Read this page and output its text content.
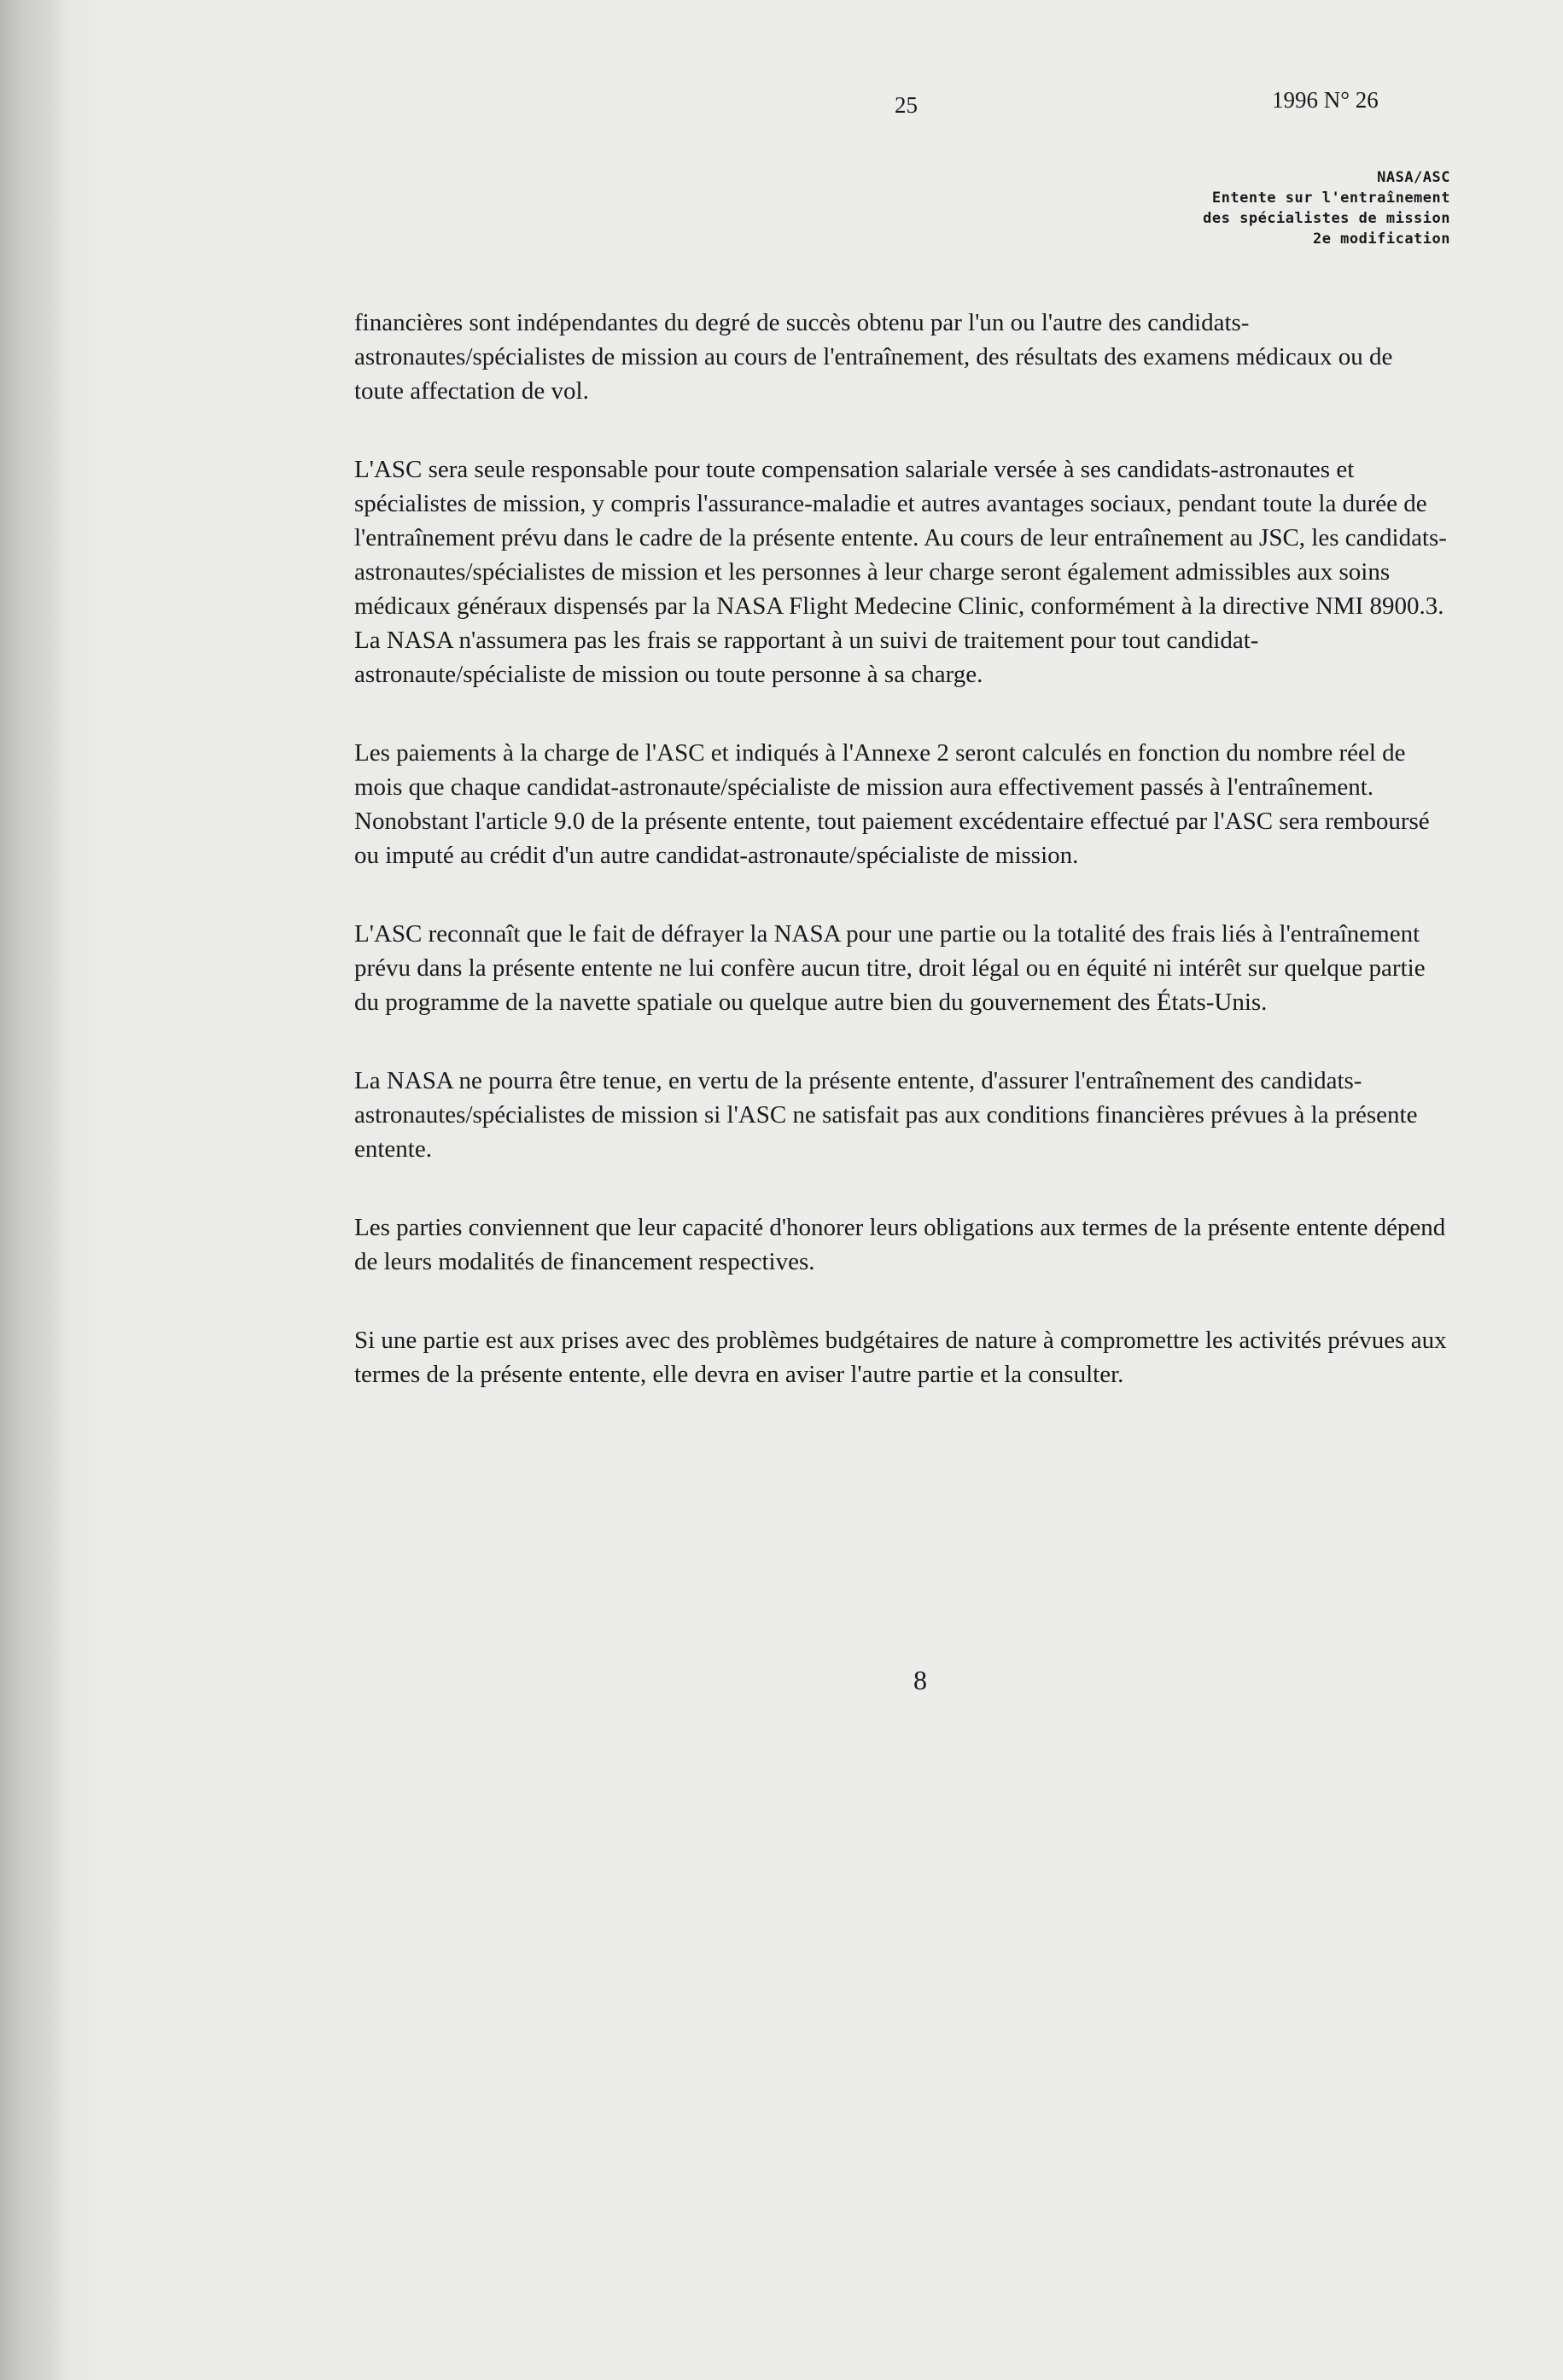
25	1996 N° 26
NASA/ASC
Entente sur l'entraînement
des spécialistes de mission
2e modification

financières sont indépendantes du degré de succès obtenu par l'un ou l'autre des candidats-astronautes/spécialistes de mission au cours de l'entraînement, des résultats des examens médicaux ou de toute affectation de vol.

L'ASC sera seule responsable pour toute compensation salariale versée à ses candidats-astronautes et spécialistes de mission, y compris l'assurance-maladie et autres avantages sociaux, pendant toute la durée de l'entraînement prévu dans le cadre de la présente entente. Au cours de leur entraînement au JSC, les candidats-astronautes/spécialistes de mission et les personnes à leur charge seront également admissibles aux soins médicaux généraux dispensés par la NASA Flight Medecine Clinic, conformément à la directive NMI 8900.3. La NASA n'assumera pas les frais se rapportant à un suivi de traitement pour tout candidat-astronaute/spécialiste de mission ou toute personne à sa charge.

Les paiements à la charge de l'ASC et indiqués à l'Annexe 2 seront calculés en fonction du nombre réel de mois que chaque candidat-astronaute/spécialiste de mission aura effectivement passés à l'entraînement. Nonobstant l'article 9.0 de la présente entente, tout paiement excédentaire effectué par l'ASC sera remboursé ou imputé au crédit d'un autre candidat-astronaute/spécialiste de mission.

L'ASC reconnaît que le fait de défrayer la NASA pour une partie ou la totalité des frais liés à l'entraînement prévu dans la présente entente ne lui confère aucun titre, droit légal ou en équité ni intérêt sur quelque partie du programme de la navette spatiale ou quelque autre bien du gouvernement des États-Unis.

La NASA ne pourra être tenue, en vertu de la présente entente, d'assurer l'entraînement des candidats-astronautes/spécialistes de mission si l'ASC ne satisfait pas aux conditions financières prévues à la présente entente.

Les parties conviennent que leur capacité d'honorer leurs obligations aux termes de la présente entente dépend de leurs modalités de financement respectives.

Si une partie est aux prises avec des problèmes budgétaires de nature à compromettre les activités prévues aux termes de la présente entente, elle devra en aviser l'autre partie et la consulter.

8
